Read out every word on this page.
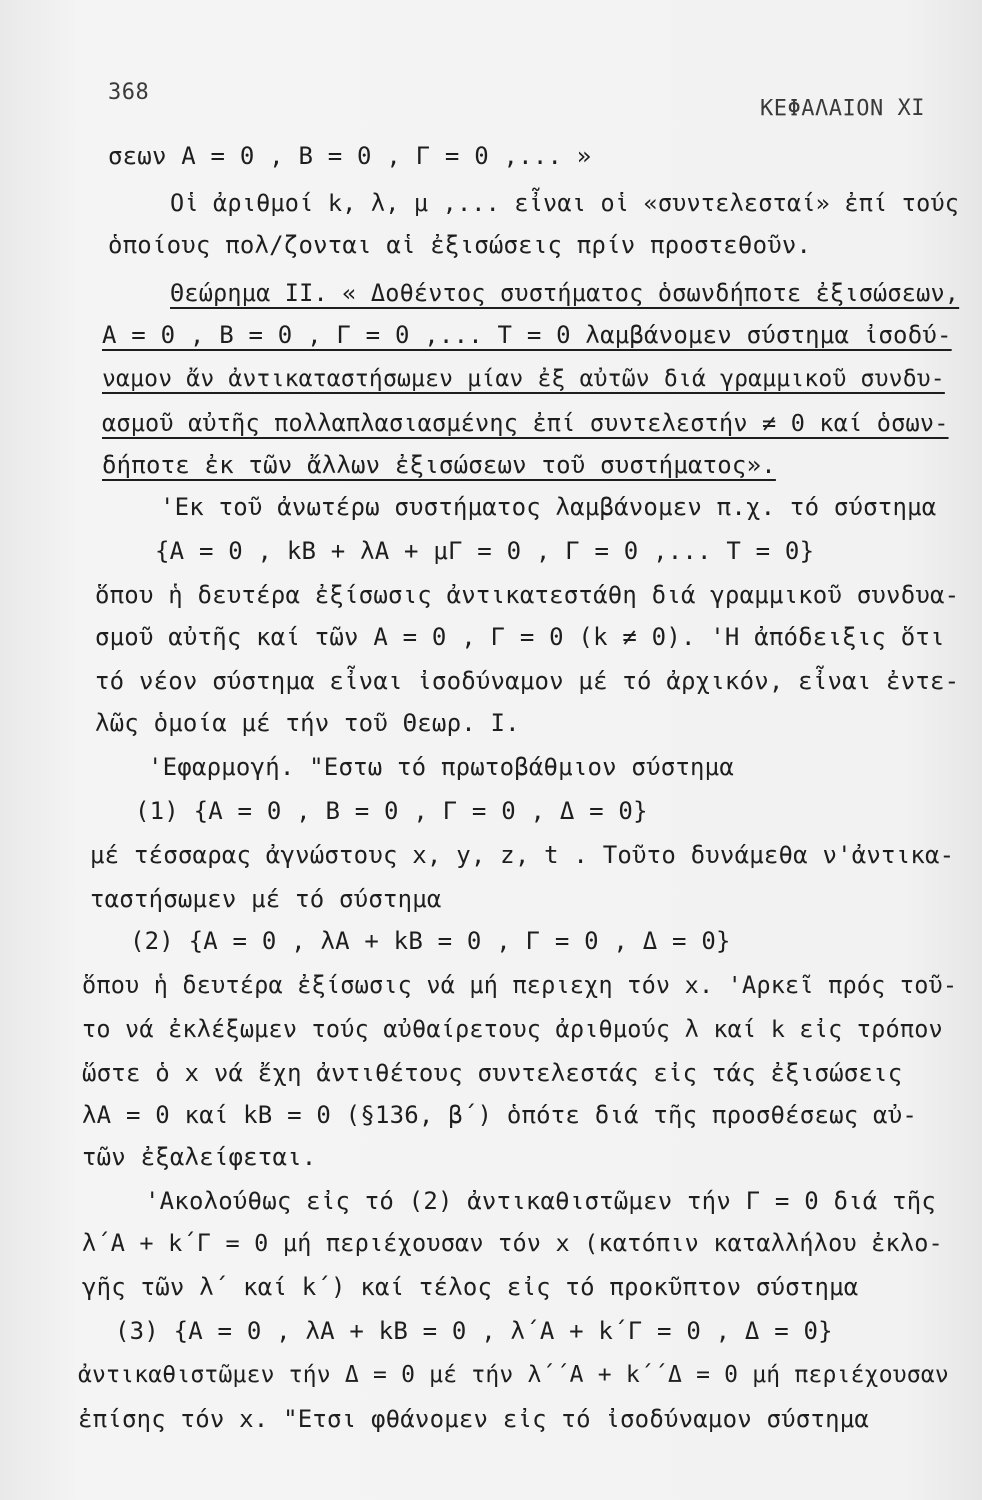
368
ΚΕΦΑΛΑΙΟΝ XI
σεων Α = 0 , Β = 0 , Γ = 0 ,... »
Οἱ ἀριθμοί k, λ, μ ,... εἶναι οἱ «συντελεσταί» ἐπί τούς
ὁποίους πολ/ζονται αἱ ἐξισώσεις πρίν προστεθοῦν.
Θεώρημα ΙΙ. « Δοθέντος συστήματος ὁσωνδήποτε ἐξισώσεων,
Α = 0 , Β = 0 , Γ = 0 ,... Τ = 0 λαμβάνομεν σύστημα ἰσοδύ-
ναμον ἄν ἀντικαταστήσωμεν μίαν ἐξ αὐτῶν διά γραμμικοῦ συνδυ-
ασμοῦ αὐτῆς πολλαπλασιασμένης ἐπί συντελεστήν ≠ 0 καί ὁσων-
δήποτε ἐκ τῶν ἄλλων ἐξισώσεων τοῦ συστήματος».
'Εκ τοῦ ἀνωτέρω συστήματος λαμβάνομεν π.χ. τό σύστημα
{Α = 0 , kΒ + λΑ + μΓ = 0 , Γ = 0 ,... Τ = 0}
ὅπου ἡ δευτέρα ἐξίσωσις ἀντικατεστάθη διά γραμμικοῦ συνδυα-
σμοῦ αὐτῆς καί τῶν Α = 0 , Γ = 0 (k ≠ 0). 'Η ἀπόδειξις ὅτι
τό νέον σύστημα εἶναι ἰσοδύναμον μέ τό ἀρχικόν, εἶναι ἐντε-
λῶς ὁμοία μέ τήν τοῦ Θεωρ. Ι.
'Εφαρμογή. "Εστω τό πρωτοβάθμιον σύστημα
(1) {Α = 0 , Β = 0 , Γ = 0 , Δ = 0}
μέ τέσσαρας ἀγνώστους x, y, z, t . Τοῦτο δυνάμεθα ν'ἀντικα-
ταστήσωμεν μέ τό σύστημα
(2) {Α = 0 , λΑ + kΒ = 0 , Γ = 0 , Δ = 0}
ὅπου ἡ δευτέρα ἐξίσωσις νά μή περιεχη τόν x. 'Αρκεῖ πρός τοῦ-
το νά ἐκλέξωμεν τούς αὐθαίρετους ἀριθμούς λ καί k εἰς τρόπον
ὥστε ὁ x νά ἔχη ἀντιθέτους συντελεστάς εἰς τάς ἐξισώσεις
λΑ = 0 καί kΒ = 0 (§136, β΄) ὁπότε διά τῆς προσθέσεως αὐ-
τῶν ἐξαλείφεται.
'Ακολούθως εἰς τό (2) ἀντικαθιστῶμεν τήν Γ = 0 διά τῆς
λ΄Α + k΄Γ = 0 μή περιέχουσαν τόν x (κατόπιν καταλλήλου ἐκλο-
γῆς τῶν λ΄ καί k΄) καί τέλος εἰς τό προκῦπτον σύστημα
(3) {Α = 0 , λΑ + kΒ = 0 , λ΄Α + k΄Γ = 0 , Δ = 0}
ἀντικαθιστῶμεν τήν Δ = 0 μέ τήν λ΄΄Α + k΄΄Δ = 0 μή περιέχουσαν
ἐπίσης τόν x. "Ετσι φθάνομεν εἰς τό ἰσοδύναμον σύστημα
